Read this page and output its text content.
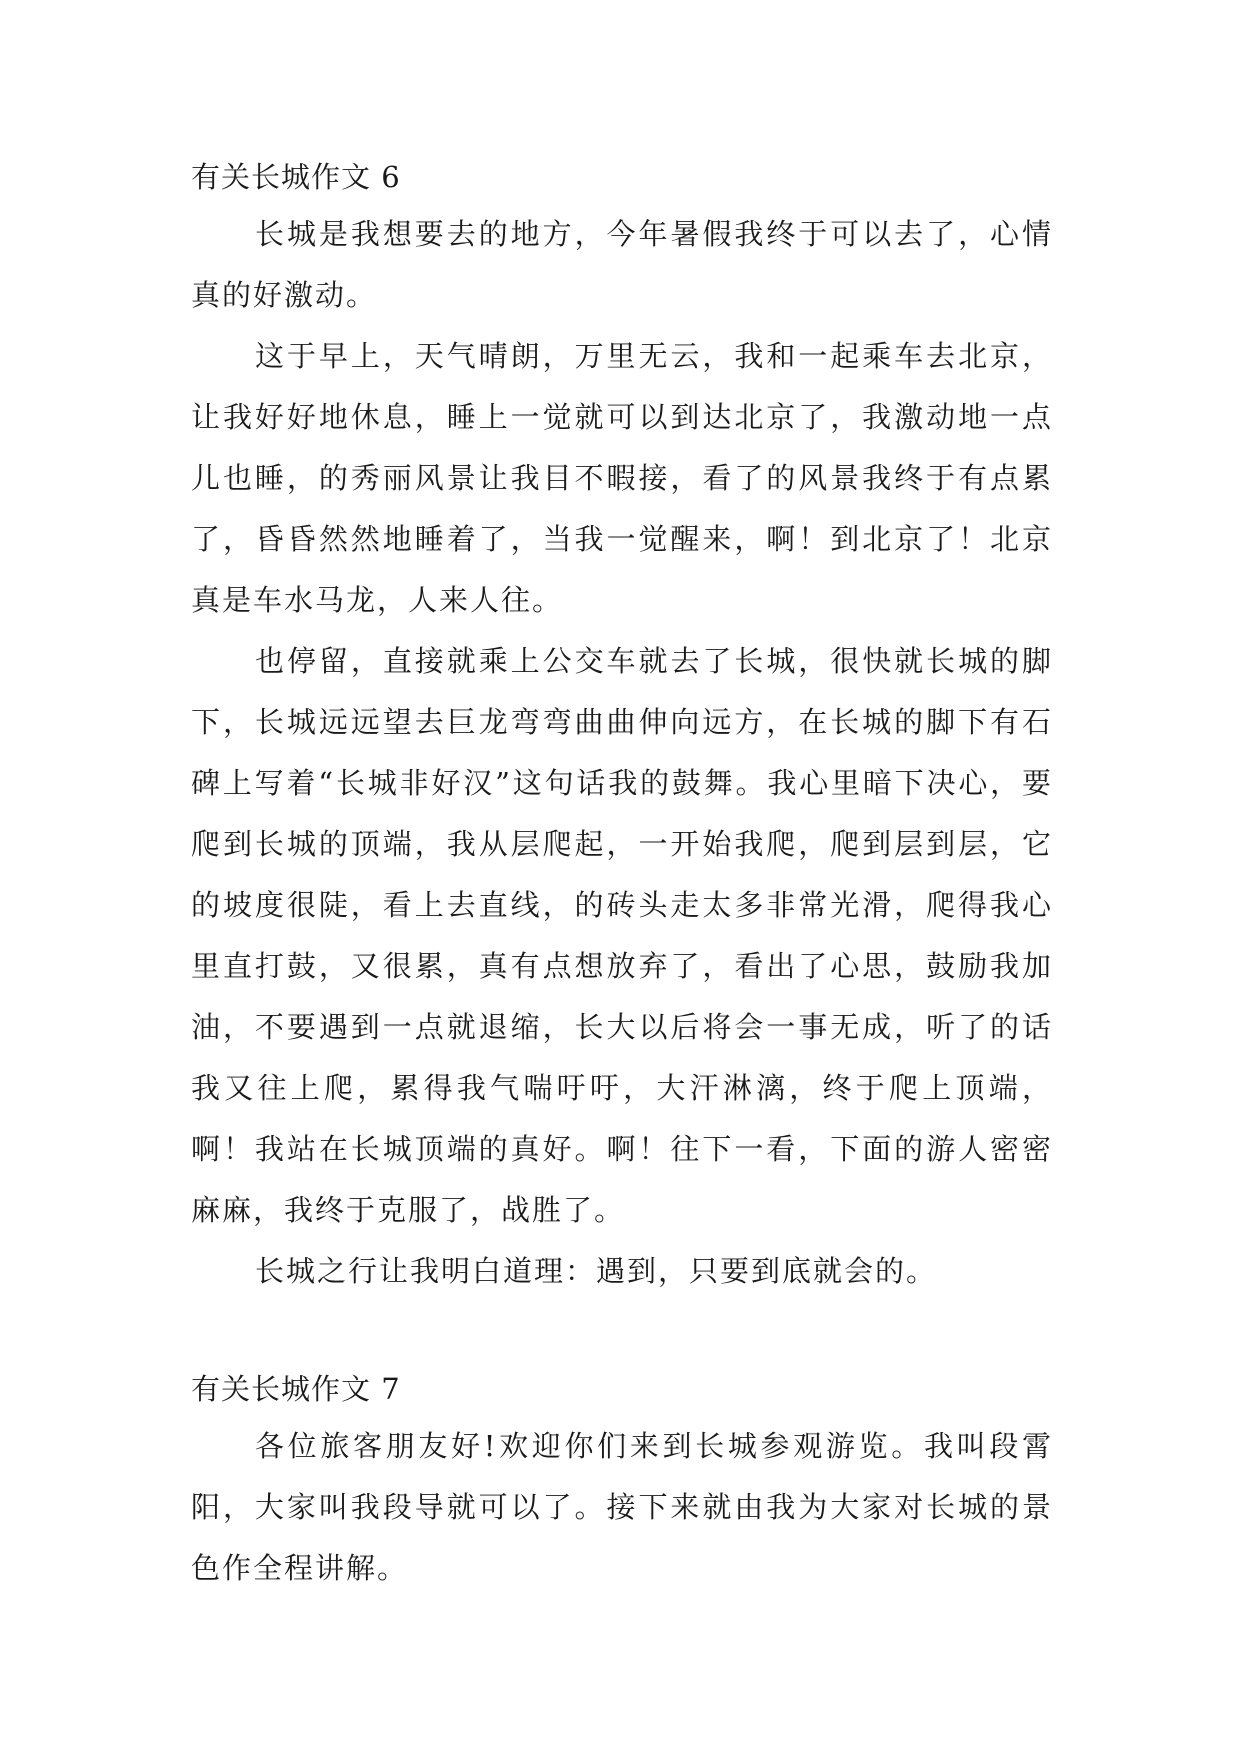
有关长城作文 6

长城是我想要去的地方，今年暑假我终于可以去了，心情真的好激动。

这于早上，天气晴朗，万里无云，我和一起乘车去北京，让我好好地休息，睡上一觉就可以到达北京了，我激动地一点儿也睡，的秀丽风景让我目不暇接，看了的风景我终于有点累了，昏昏然然地睡着了，当我一觉醒来，啊！到北京了！北京真是车水马龙，人来人往。

也停留，直接就乘上公交车就去了长城，很快就长城的脚下，长城远远望去巨龙弯弯曲曲伸向远方，在长城的脚下有石碑上写着“长城非好汉”这句话我的鼓舞。我心里暗下决心，要爬到长城的顶端，我从层爬起，一开始我爬，爬到层到层，它的坡度很陡，看上去直线，的砖头走太多非常光滑，爬得我心里直打鼓，又很累，真有点想放弃了，看出了心思，鼓励我加油，不要遇到一点就退缩，长大以后将会一事无成，听了的话我又往上爬，累得我气喘吁吁，大汗淋漓，终于爬上顶端，啊！我站在长城顶端的真好。啊！往下一看，下面的游人密密麻麻，我终于克服了，战胜了。

长城之行让我明白道理：遇到，只要到底就会的。

有关长城作文 7

各位旅客朋友好!欢迎你们来到长城参观游览。我叫段霄阳，大家叫我段导就可以了。接下来就由我为大家对长城的景色作全程讲解。
